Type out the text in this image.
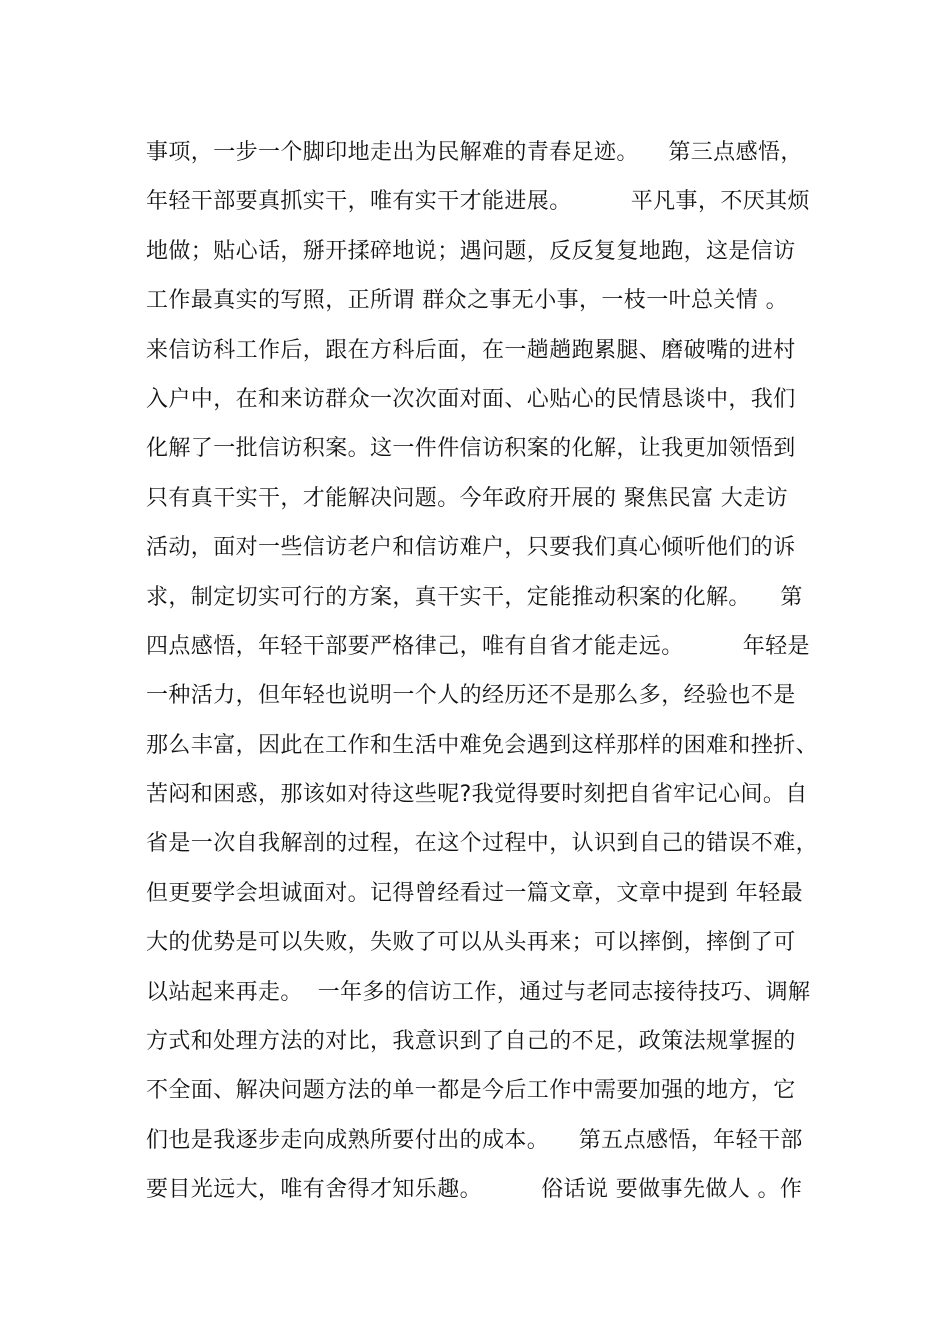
事项，一步一个脚印地走出为民解难的青春足迹。    第三点感悟，
年轻干部要真抓实干，唯有实干才能进展。        平凡事，不厌其烦
地做；贴心话，掰开揉碎地说；遇问题，反反复复地跑，这是信访
工作最真实的写照，正所谓 群众之事无小事，一枝一叶总关情 。
来信访科工作后，跟在方科后面，在一趟趟跑累腿、磨破嘴的进村
入户中，在和来访群众一次次面对面、心贴心的民情恳谈中，我们
化解了一批信访积案。这一件件信访积案的化解，让我更加领悟到
只有真干实干，才能解决问题。今年政府开展的 聚焦民富 大走访
活动，面对一些信访老户和信访难户，只要我们真心倾听他们的诉
求，制定切实可行的方案，真干实干，定能推动积案的化解。    第
四点感悟，年轻干部要严格律己，唯有自省才能走远。        年轻是
一种活力，但年轻也说明一个人的经历还不是那么多，经验也不是
那么丰富，因此在工作和生活中难免会遇到这样那样的困难和挫折、
苦闷和困惑，那该如对待这些呢?我觉得要时刻把自省牢记心间。自
省是一次自我解剖的过程，在这个过程中，认识到自己的错误不难，
但更要学会坦诚面对。记得曾经看过一篇文章，文章中提到 年轻最
大的优势是可以失败，失败了可以从头再来；可以摔倒，摔倒了可
以站起来再走。  一年多的信访工作，通过与老同志接待技巧、调解
方式和处理方法的对比，我意识到了自己的不足，政策法规掌握的
不全面、解决问题方法的单一都是今后工作中需要加强的地方，它
们也是我逐步走向成熟所要付出的成本。    第五点感悟，年轻干部
要目光远大，唯有舍得才知乐趣。        俗话说 要做事先做人 。作
